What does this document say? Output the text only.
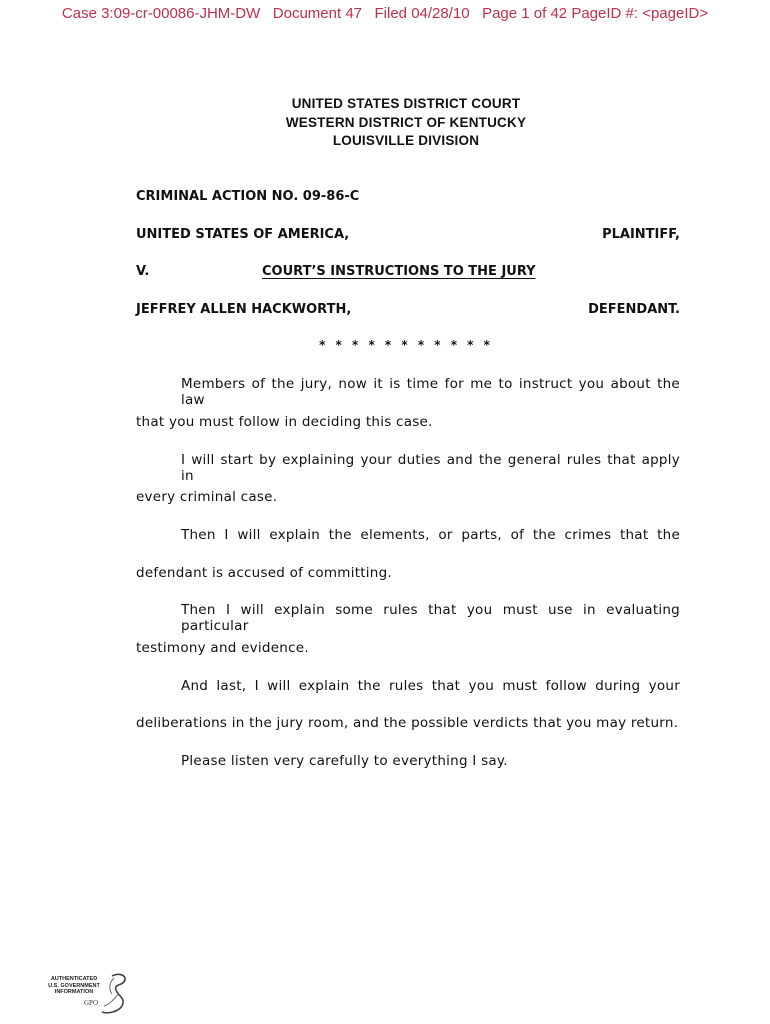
Case 3:09-cr-00086-JHM-DW   Document 47   Filed 04/28/10   Page 1 of 42 PageID #: <pageID>
UNITED STATES DISTRICT COURT
WESTERN DISTRICT OF KENTUCKY
LOUISVILLE DIVISION
CRIMINAL ACTION NO. 09-86-C
UNITED STATES OF AMERICA,	PLAINTIFF,
V.	COURT’S INSTRUCTIONS TO THE JURY
JEFFREY ALLEN HACKWORTH,	DEFENDANT.
* * * * * * * * * * *
Members of the jury, now it is time for me to instruct you about the law
that you must follow in deciding this case.
I will start by explaining your duties and the general rules that apply in
every criminal case.
Then I will explain the elements, or parts, of the crimes that the
defendant is accused of committing.
Then I will explain some rules that you must use in evaluating particular
testimony and evidence.
And last, I will explain the rules that you must follow during your
deliberations in the jury room, and the possible verdicts that you may return.
Please listen very carefully to everything I say.
AUTHENTICATED
U.S. GOVERNMENT
INFORMATION
GPO
